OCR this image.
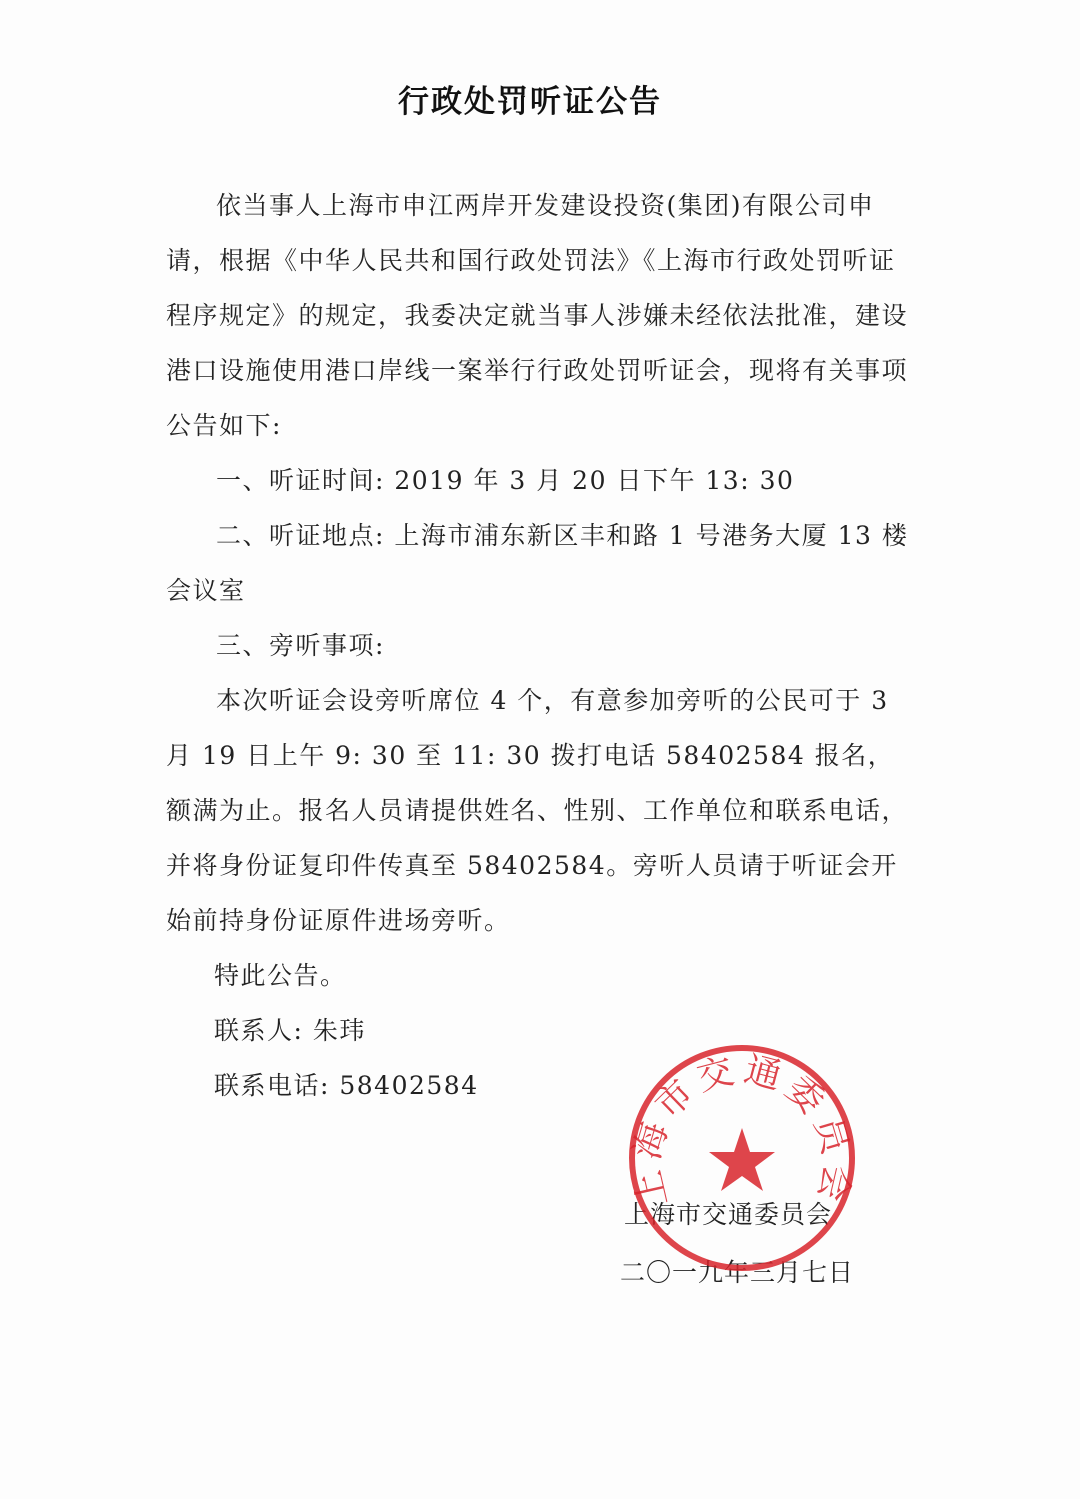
行政处罚听证公告

依当事人上海市申江两岸开发建设投资(集团)有限公司申请，根据《中华人民共和国行政处罚法》《上海市行政处罚听证程序规定》的规定，我委决定就当事人涉嫌未经依法批准，建设港口设施使用港口岸线一案举行行政处罚听证会，现将有关事项公告如下:

一、听证时间: 2019 年 3 月 20 日下午 13: 30

二、听证地点: 上海市浦东新区丰和路 1 号港务大厦 13 楼会议室

三、旁听事项:

本次听证会设旁听席位 4 个，有意参加旁听的公民可于 3 月 19 日上午 9: 30 至 11: 30 拨打电话 58402584 报名，额满为止。报名人员请提供姓名、性别、工作单位和联系电话，并将身份证复印件传真至 58402584。旁听人员请于听证会开始前持身份证原件进场旁听。

特此公告。

联系人: 朱玮

联系电话: 58402584

上海市交通委员会
二〇一九年三月七日
上海市交通委员会
